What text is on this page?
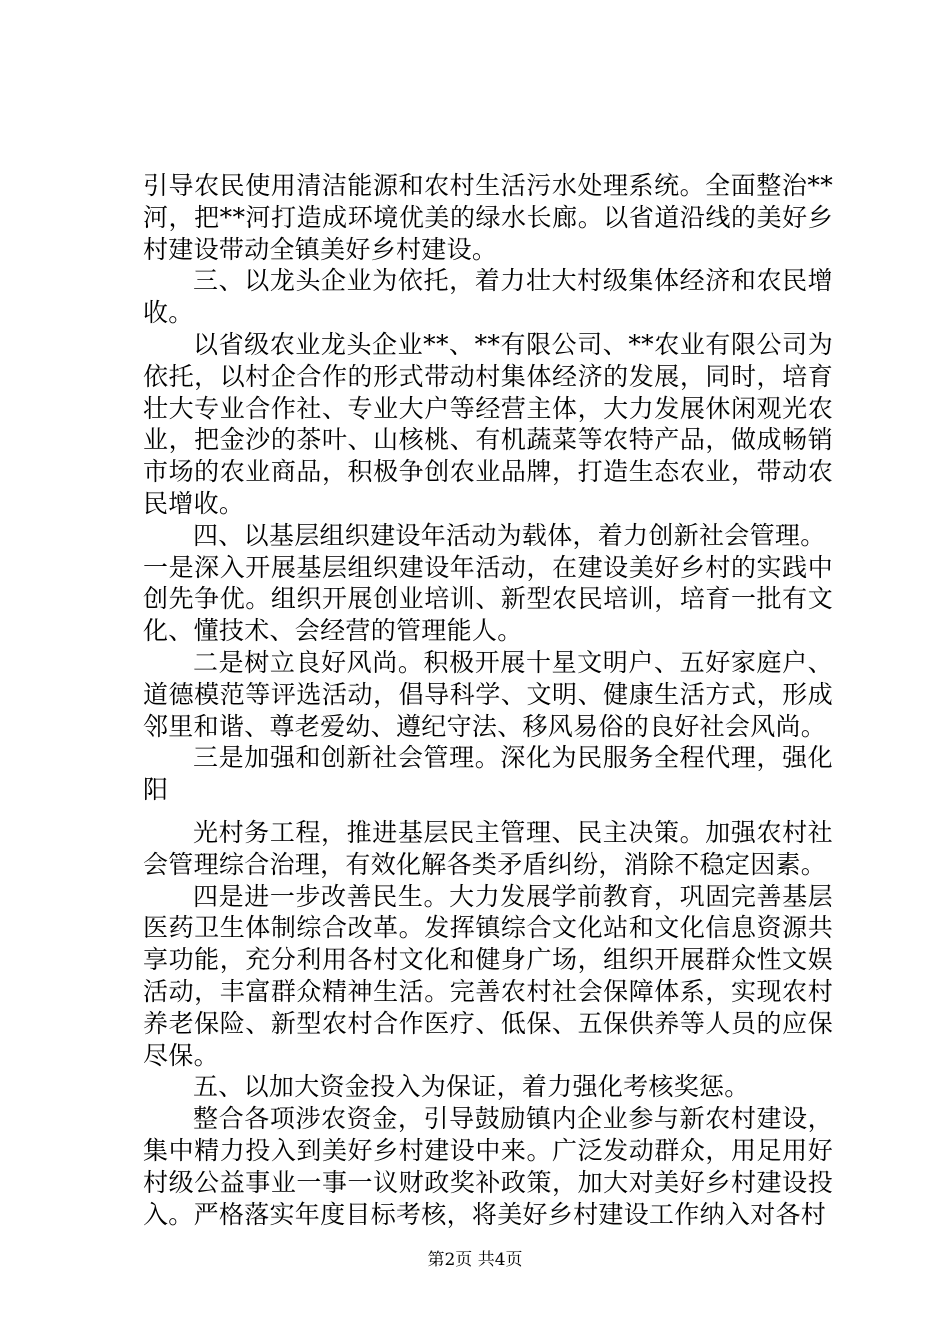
引导农民使用清洁能源和农村生活污水处理系统。全面整治**河，把**河打造成环境优美的绿水长廊。以省道沿线的美好乡村建设带动全镇美好乡村建设。

三、以龙头企业为依托，着力壮大村级集体经济和农民增收。

以省级农业龙头企业**、**有限公司、**农业有限公司为依托，以村企合作的形式带动村集体经济的发展，同时，培育壮大专业合作社、专业大户等经营主体，大力发展休闲观光农业，把金沙的茶叶、山核桃、有机蔬菜等农特产品，做成畅销市场的农业商品，积极争创农业品牌，打造生态农业，带动农民增收。

四、以基层组织建设年活动为载体，着力创新社会管理。

一是深入开展基层组织建设年活动，在建设美好乡村的实践中创先争优。组织开展创业培训、新型农民培训，培育一批有文化、懂技术、会经营的管理能人。

二是树立良好风尚。积极开展十星文明户、五好家庭户、道德模范等评选活动，倡导科学、文明、健康生活方式，形成邻里和谐、尊老爱幼、遵纪守法、移风易俗的良好社会风尚。

三是加强和创新社会管理。深化为民服务全程代理，强化阳

光村务工程，推进基层民主管理、民主决策。加强农村社会管理综合治理，有效化解各类矛盾纠纷，消除不稳定因素。

四是进一步改善民生。大力发展学前教育，巩固完善基层医药卫生体制综合改革。发挥镇综合文化站和文化信息资源共享功能，充分利用各村文化和健身广场，组织开展群众性文娱活动，丰富群众精神生活。完善农村社会保障体系，实现农村养老保险、新型农村合作医疗、低保、五保供养等人员的应保尽保。

五、以加大资金投入为保证，着力强化考核奖惩。

整合各项涉农资金，引导鼓励镇内企业参与新农村建设，集中精力投入到美好乡村建设中来。广泛发动群众，用足用好村级公益事业一事一议财政奖补政策，加大对美好乡村建设投入。严格落实年度目标考核，将美好乡村建设工作纳入对各村

第2页 共4页
